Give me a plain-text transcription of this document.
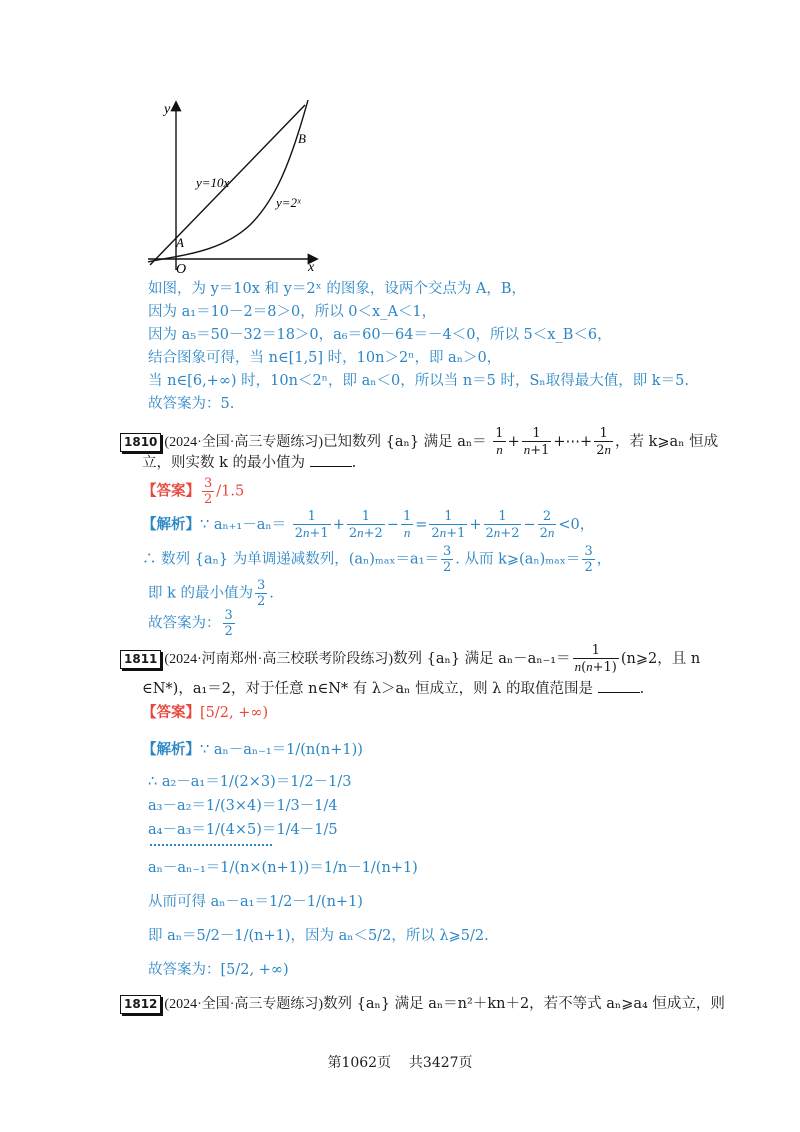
y
x
O
A
B
y=10x
y=2ˣ
如图，为 y＝10x 和 y＝2ˣ 的图象，设两个交点为 A，B，
因为 a₁＝10－2＝8＞0，所以 0＜x_A＜1，
因为 a₅＝50－32＝18＞0，a₆＝60－64＝－4＜0，所以 5＜x_B＜6，
结合图象可得，当 n∈[1,5] 时，10n＞2ⁿ，即 aₙ＞0，
当 n∈[6,+∞) 时，10n＜2ⁿ，即 aₙ＜0，所以当 n＝5 时，Sₙ取得最大值，即 k＝5.
故答案为：5.
1810 (2024·全国·高三专题练习)已知数列 {aₙ} 满足 $a_n= \frac{1}{n} + \frac{1}{n+1}$ +⋯+ $\frac{1}{2n}$ ，若 k⩾aₙ 恒成
立，则实数 k 的最小值为	.
【答案】 $\frac{3}{2} /1.5$
【解析】∵ $a_{n+1}-a_n= \frac{1}{2n+1} + \frac{1}{2n+2} - \frac{1}{n} = \frac{1}{2n+1} + \frac{1}{2n+2} - \frac{2}{2n} <0$，
∴ 数列 {aₙ} 为单调递减数列，$(a_n)_{max}=a_1= \frac{3}{2}$ . 从而 k⩾(aₙ)ₘₐₓ＝ $\frac{3}{2}$ ，
即 k 的最小值为 $\frac{3}{2}$ .
故答案为： $\frac{3}{2}$
1811 (2024·河南郑州·高三校联考阶段练习)数列 {aₙ} 满足 $a_n-a_{n-1}= \frac{1}{n(n+1)}$ (n⩾2，且 n
∈N*)，a₁＝2，对于任意 n∈N* 有 λ＞aₙ 恒成立，则 λ 的取值范围是	.
【答案】[5/2, +∞)
【解析】∵ aₙ－aₙ₋₁＝1/(n(n+1))
∴ a₂－a₁＝1/(2×3)＝1/2－1/3
a₃－a₂＝1/(3×4)＝1/3－1/4
a₄－a₃＝1/(4×5)＝1/4－1/5
aₙ－aₙ₋₁＝1/(n×(n+1))＝1/n－1/(n+1)
从而可得 aₙ－a₁＝1/2－1/(n+1)
即 aₙ＝5/2－1/(n+1)，因为 aₙ＜5/2，所以 λ⩾5/2.
故答案为：[5/2, +∞)
1812 (2024·全国·高三专题练习)数列 {aₙ} 满足 aₙ＝n²＋kn＋2，若不等式 aₙ⩾a₄ 恒成立，则
第1062页 共3427页
